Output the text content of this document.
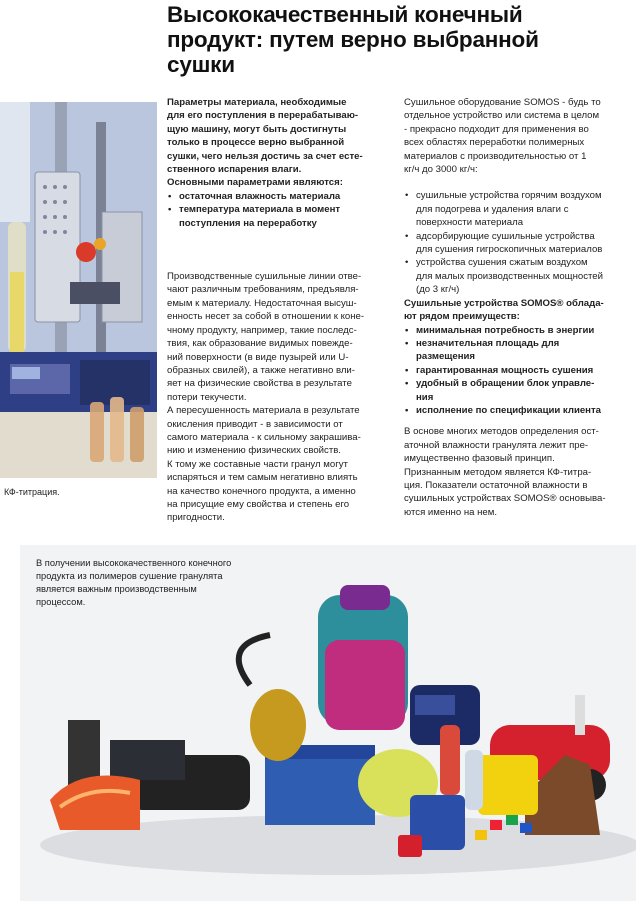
Высококачественный конечный
продукт: путем верно выбранной
сушки
КФ-титрация.

Параметры материала, необходимые
для его поступления в перерабатываю-
щую машину, могут быть достигнуты
только в процессе верно выбранной
сушки, чего нельзя достичь за счет есте-
ственного испарения влаги.

Основными параметрами являются:

• остаточная влажность материала
• температура материала в момент
поступления на переработку

Производственные сушильные линии отве-
чают различным требованиям, предъявля-
емым к материалу. Недостаточная высуш-
енность несет за собой в отношении к коне-
чному продукту, например, такие последс-
твия, как образование видимых повежде-
ний поверхности (в виде пузырей или U-
образных свилей), а также негативно вли-
яет на физические свойства в результате
потери текучести.

А пересушенность материала в результате
окисления приводит - в зависимости от
самого материала - к сильному закрашива-
нию и изменению физических свойств.
К тому же составные части гранул могут
испаряться и тем самым негативно влиять
на качество конечного продукта, а именно
на присущие ему свойства и степень его
пригодности.

Сушильное оборудование SOMOS - будь то
отдельное устройство или система в целом
- прекрасно подходит для применения во
всех областях переработки полимерных
материалов с производительностью от 1
кг/ч до 3000 кг/ч:

• сушильные устройства горячим воздухом
для подогрева и удаления влаги с
поверхности материала
• адсорбирующие сушильные устройства
для сушения гигроскопичных материалов
• устройства сушения сжатым воздухом
для малых производственных мощностей
(до 3 кг/ч)

Сушильные устройства SOMOS® облада-
ют рядом преимуществ:

• минимальная потребность в энергии
• незначительная площадь для
размещения
• гарантированная мощность сушения
• удобный в обращении блок управле-
ния
• исполнение по спецификации клиента

В основе многих методов определения ост-
аточной влажности гранулята лежит пре-
имущественно фазовый принцип.
Признанным методом является КФ-титра-
ция. Показатели остаточной влажности в
сушильных устройствах SOMOS® основыва-
ются именно на нем.

В получении высококачественного конечного
продукта из полимеров сушение гранулята
является важным производственным
процессом.
